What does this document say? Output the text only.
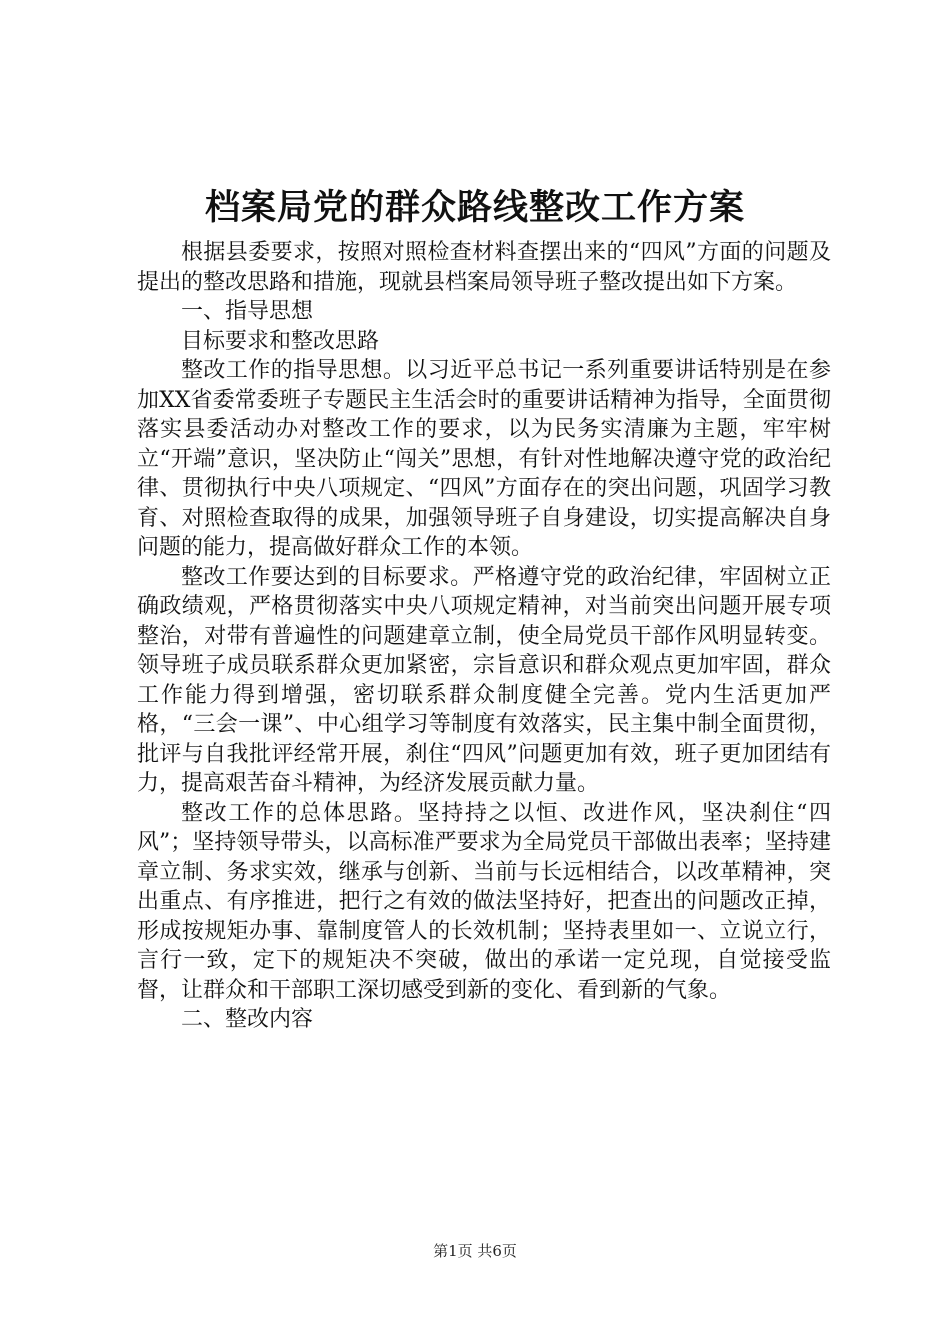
档案局党的群众路线整改工作方案

根据县委要求，按照对照检查材料查摆出来的“四风”方面的问题及提出的整改思路和措施，现就县档案局领导班子整改提出如下方案。

一、指导思想

目标要求和整改思路

整改工作的指导思想。以习近平总书记一系列重要讲话特别是在参加XX省委常委班子专题民主生活会时的重要讲话精神为指导，全面贯彻落实县委活动办对整改工作的要求，以为民务实清廉为主题，牢牢树立“开端”意识，坚决防止“闯关”思想，有针对性地解决遵守党的政治纪律、贯彻执行中央八项规定、“四风”方面存在的突出问题，巩固学习教育、对照检查取得的成果，加强领导班子自身建设，切实提高解决自身问题的能力，提高做好群众工作的本领。

整改工作要达到的目标要求。严格遵守党的政治纪律，牢固树立正确政绩观，严格贯彻落实中央八项规定精神，对当前突出问题开展专项整治，对带有普遍性的问题建章立制，使全局党员干部作风明显转变。领导班子成员联系群众更加紧密，宗旨意识和群众观点更加牢固，群众工作能力得到增强，密切联系群众制度健全完善。党内生活更加严格，“三会一课”、中心组学习等制度有效落实，民主集中制全面贯彻，批评与自我批评经常开展，刹住“四风”问题更加有效，班子更加团结有力，提高艰苦奋斗精神，为经济发展贡献力量。

整改工作的总体思路。坚持持之以恒、改进作风，坚决刹住“四风”；坚持领导带头，以高标准严要求为全局党员干部做出表率；坚持建章立制、务求实效，继承与创新、当前与长远相结合，以改革精神，突出重点、有序推进，把行之有效的做法坚持好，把查出的问题改正掉，形成按规矩办事、靠制度管人的长效机制；坚持表里如一、立说立行，言行一致，定下的规矩决不突破，做出的承诺一定兑现，自觉接受监督，让群众和干部职工深切感受到新的变化、看到新的气象。

二、整改内容

第1页 共6页
